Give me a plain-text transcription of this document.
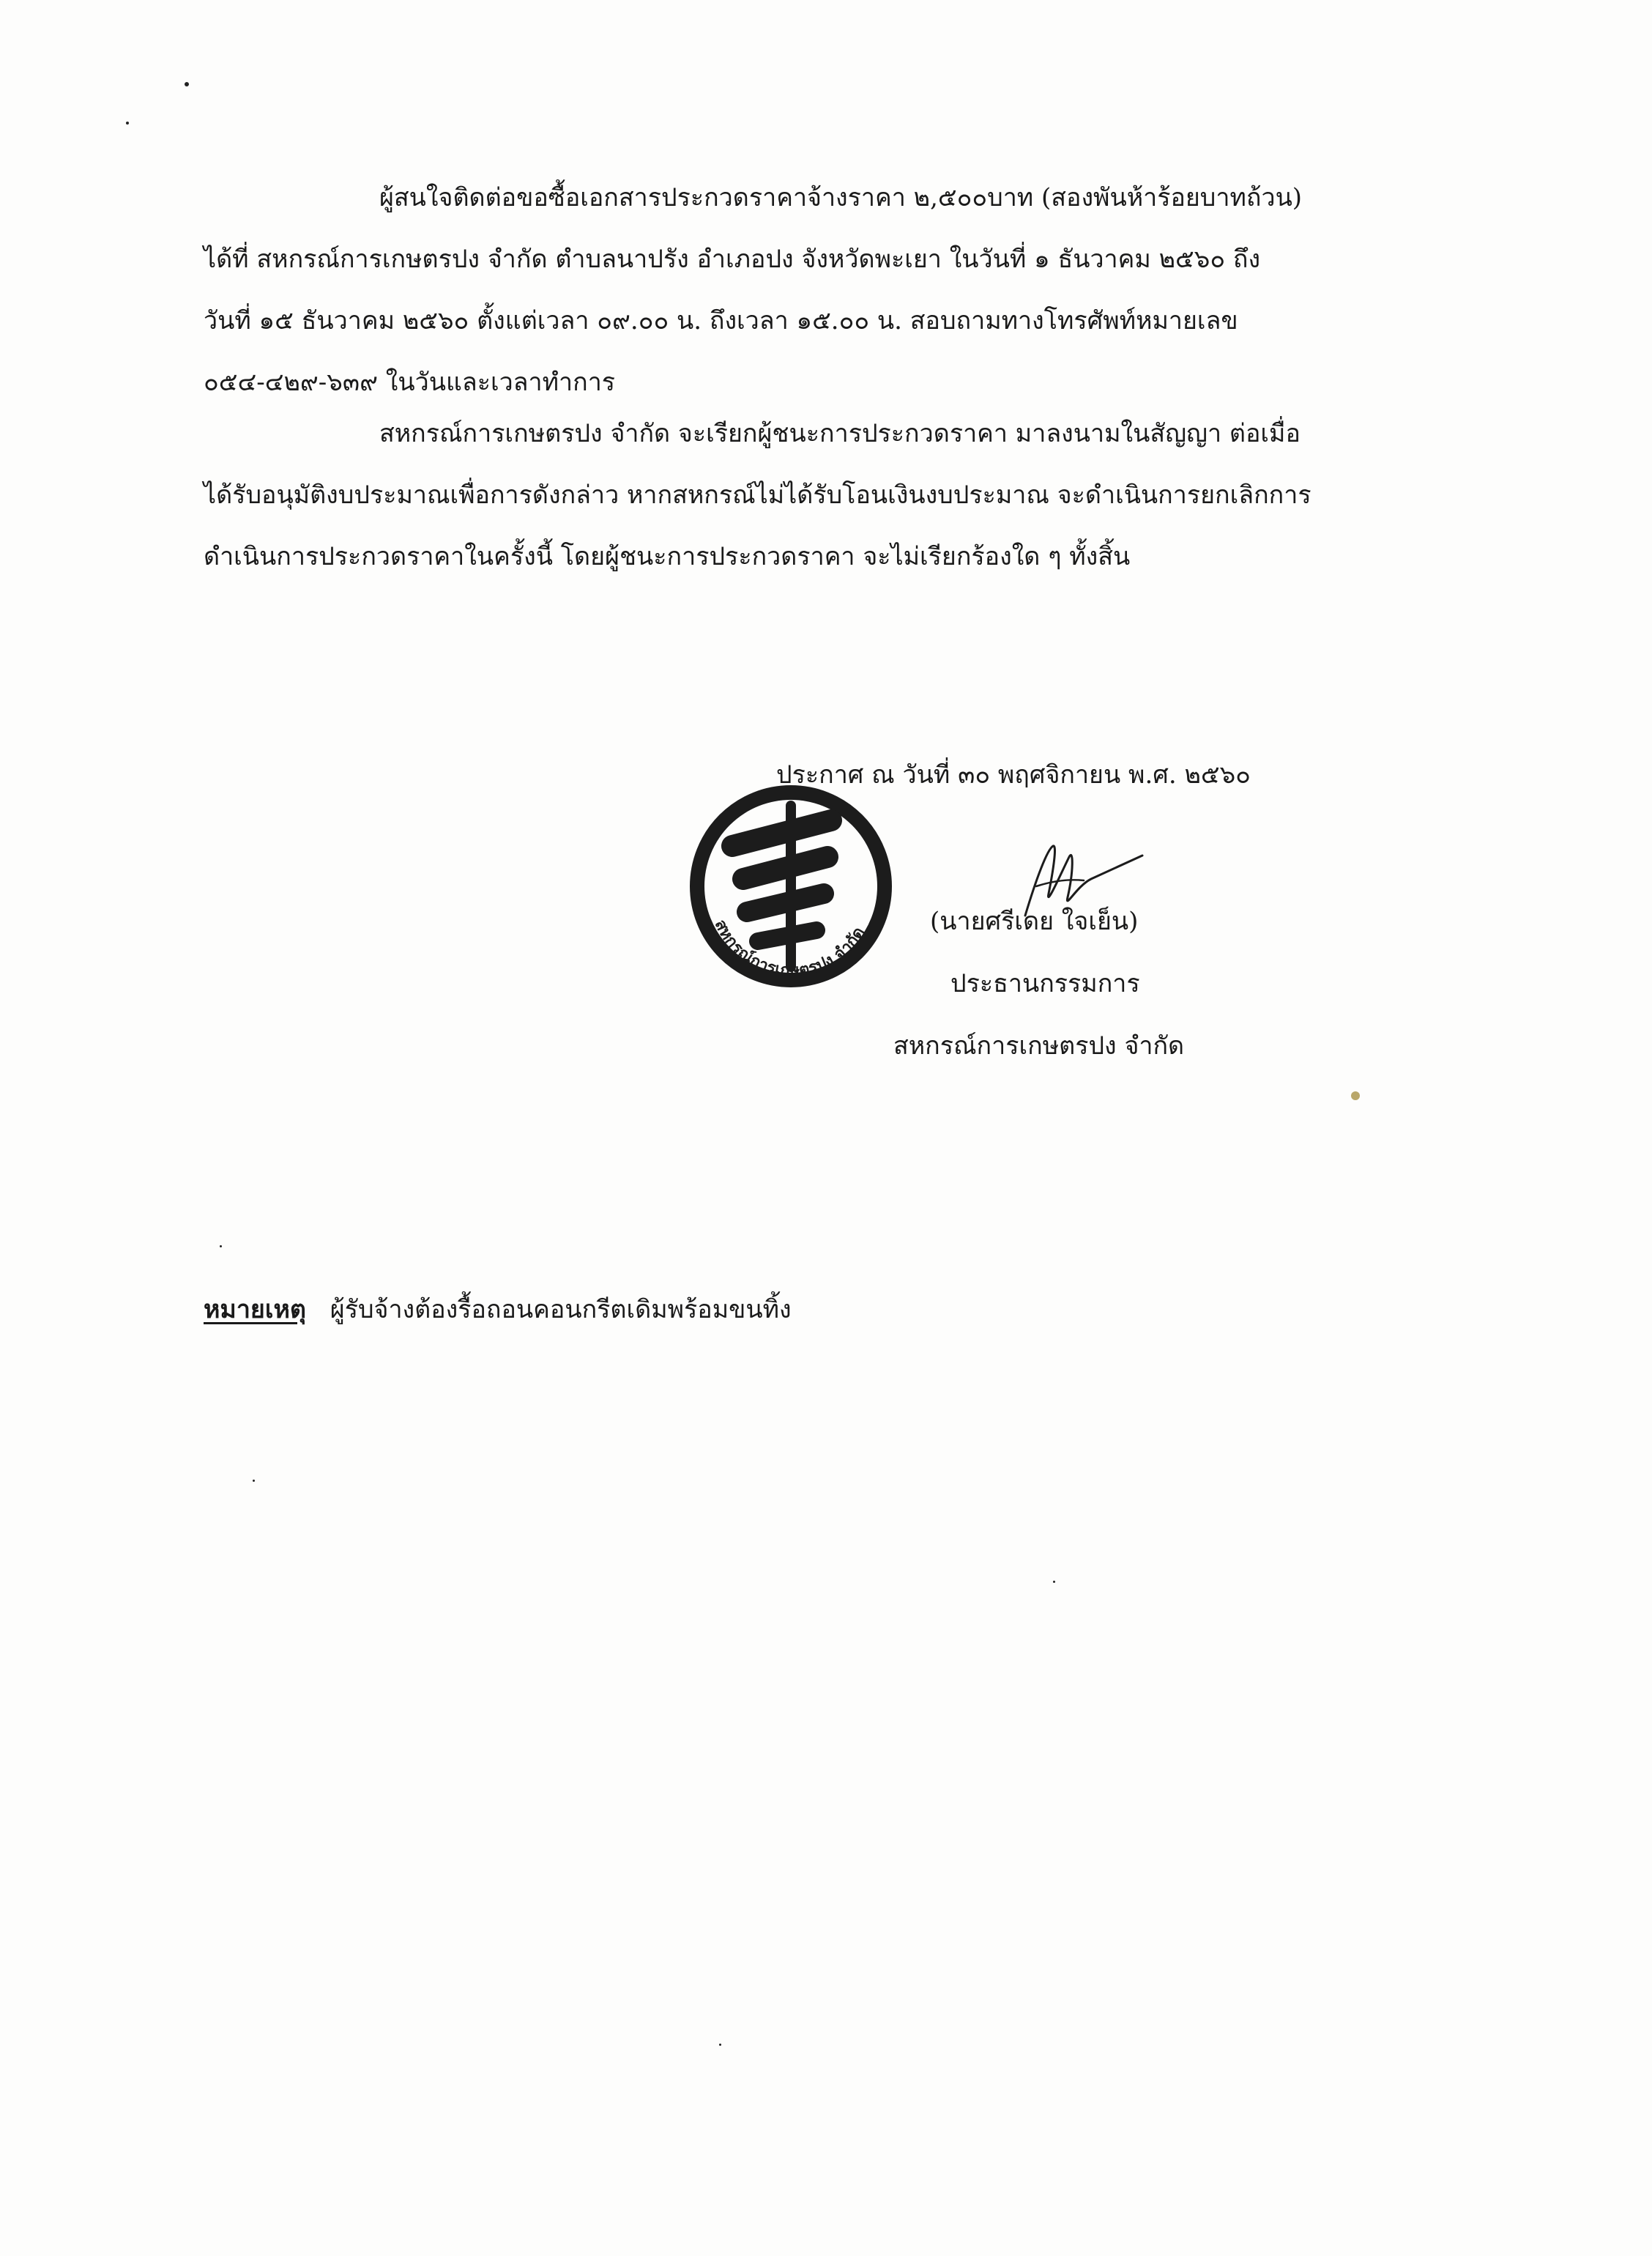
ผู้สนใจติดต่อขอซื้อเอกสารประกวดราคาจ้างราคา ๒,๕๐๐บาท (สองพันห้าร้อยบาทถ้วน)
ได้ที่ สหกรณ์การเกษตรปง จำกัด ตำบลนาปรัง อำเภอปง จังหวัดพะเยา ในวันที่ ๑ ธันวาคม ๒๕๖๐ ถึง
วันที่ ๑๕ ธันวาคม ๒๕๖๐ ตั้งแต่เวลา ๐๙.๐๐ น. ถึงเวลา ๑๕.๐๐ น. สอบถามทางโทรศัพท์หมายเลข
๐๕๔-๔๒๙-๖๓๙ ในวันและเวลาทำการ
สหกรณ์การเกษตรปง จำกัด จะเรียกผู้ชนะการประกวดราคา มาลงนามในสัญญา ต่อเมื่อ
ได้รับอนุมัติงบประมาณเพื่อการดังกล่าว หากสหกรณ์ไม่ได้รับโอนเงินงบประมาณ จะดำเนินการยกเลิกการ
ดำเนินการประกวดราคาในครั้งนี้ โดยผู้ชนะการประกวดราคา จะไม่เรียกร้องใด ๆ ทั้งสิ้น
สหกรณ์การเกษตรปง จำกัด
ประกาศ ณ วันที่ ๓๐ พฤศจิกายน พ.ศ. ๒๕๖๐
(นายศรีเดย ใจเย็น)
ประธานกรรมการ
สหกรณ์การเกษตรปง จำกัด
หมายเหตุ ผู้รับจ้างต้องรื้อถอนคอนกรีตเดิมพร้อมขนทิ้ง
